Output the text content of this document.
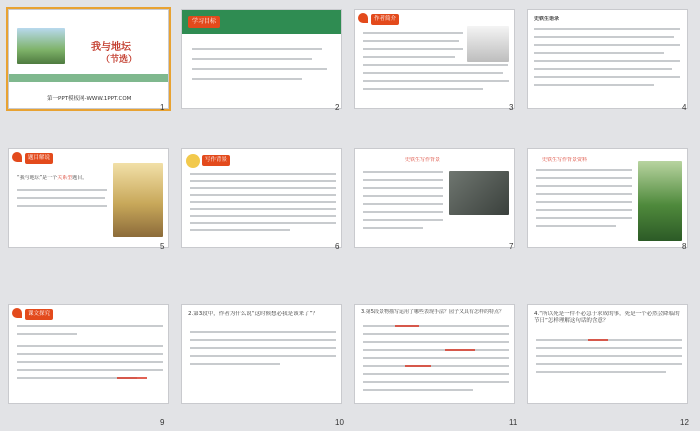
我与地坛
（节选）
第一PPT模板网-WWW.1PPT.COM
1
学习目标
2
作者简介
3
史铁生语录
4
题目解说
“我与地坛”是一个关系型题目。
5
写作背景
6
史铁生写作背景
7
史铁生写作背景资料
8
课文探究
9
2.第3段中，作者为什么说“这时候想必我是该来了”？
10
3.第5段景物描写运用了哪些表现手法？园子又具有怎样的特点？
11
4.“所以死是一件不必急于求成的事，死是一个必然会降临的节日”怎样理解这句话的含意？
12
